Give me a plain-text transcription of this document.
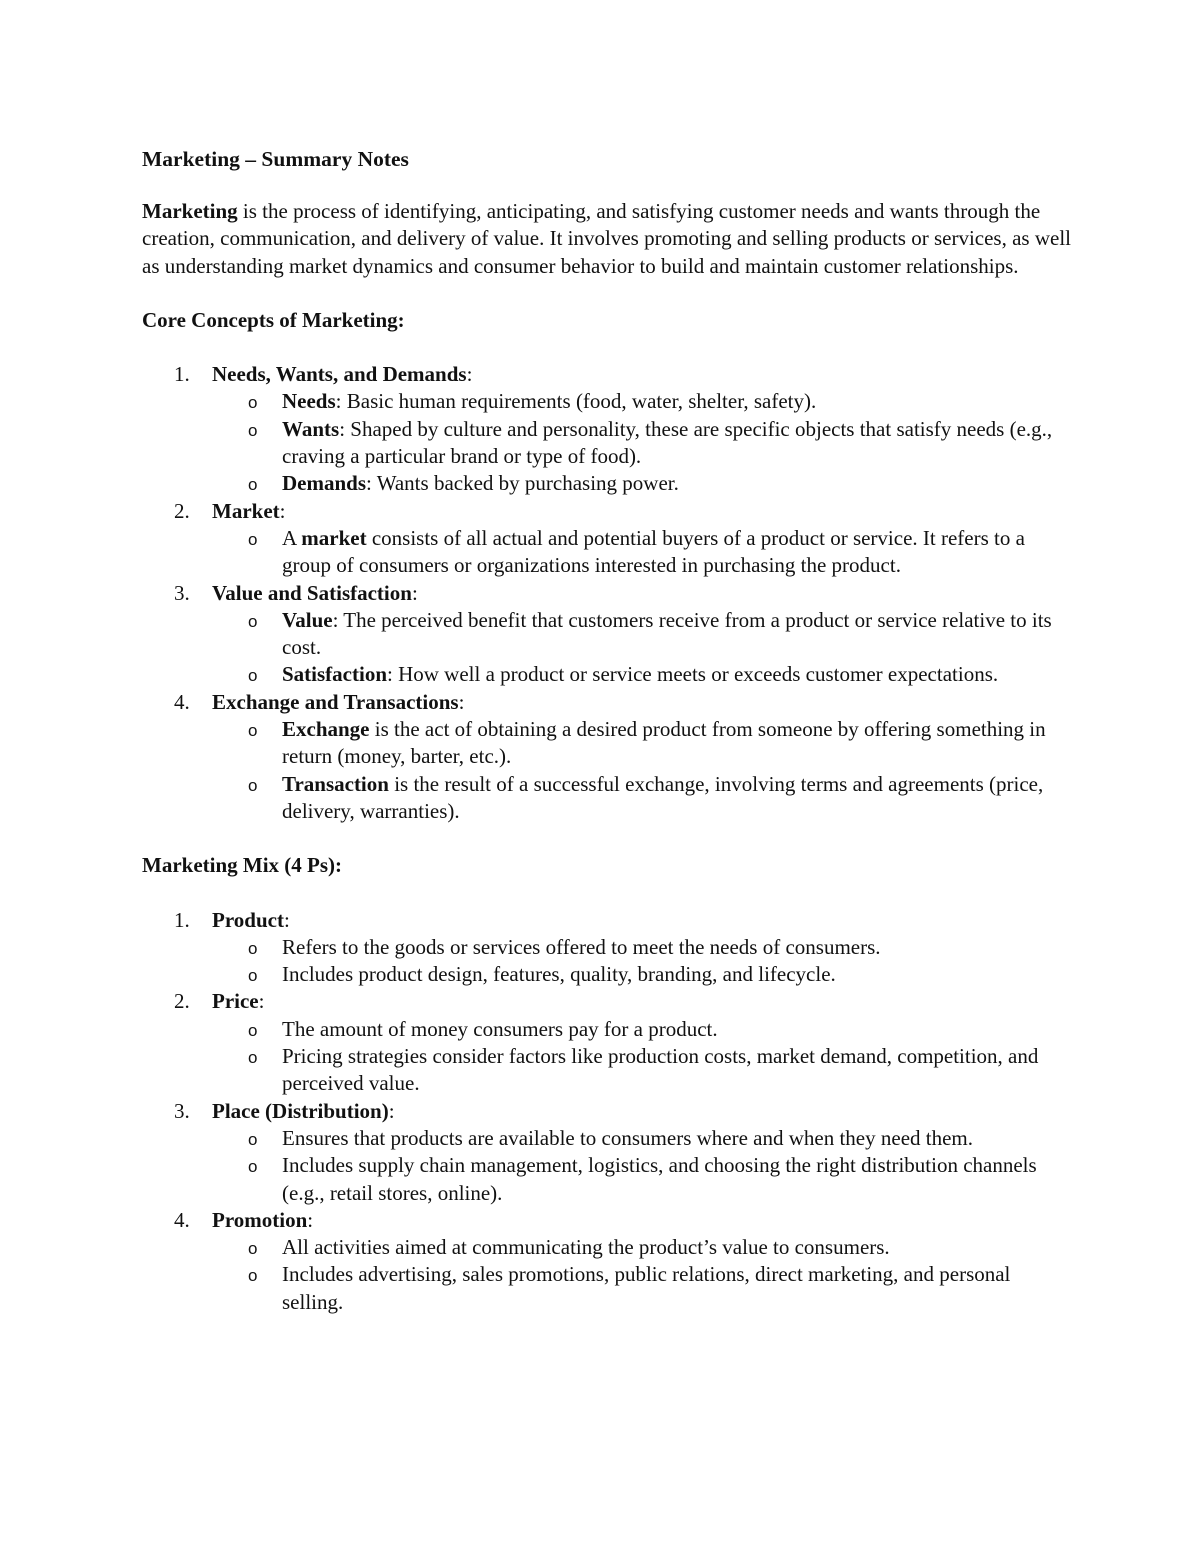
Marketing – Summary Notes

Marketing is the process of identifying, anticipating, and satisfying customer needs and wants through the creation, communication, and delivery of value. It involves promoting and selling products or services, as well as understanding market dynamics and consumer behavior to build and maintain customer relationships.

Core Concepts of Marketing:

1. Needs, Wants, and Demands:
o Needs: Basic human requirements (food, water, shelter, safety).
o Wants: Shaped by culture and personality, these are specific objects that satisfy needs (e.g., craving a particular brand or type of food).
o Demands: Wants backed by purchasing power.
2. Market:
o A market consists of all actual and potential buyers of a product or service. It refers to a group of consumers or organizations interested in purchasing the product.
3. Value and Satisfaction:
o Value: The perceived benefit that customers receive from a product or service relative to its cost.
o Satisfaction: How well a product or service meets or exceeds customer expectations.
4. Exchange and Transactions:
o Exchange is the act of obtaining a desired product from someone by offering something in return (money, barter, etc.).
o Transaction is the result of a successful exchange, involving terms and agreements (price, delivery, warranties).

Marketing Mix (4 Ps):

1. Product:
o Refers to the goods or services offered to meet the needs of consumers.
o Includes product design, features, quality, branding, and lifecycle.
2. Price:
o The amount of money consumers pay for a product.
o Pricing strategies consider factors like production costs, market demand, competition, and perceived value.
3. Place (Distribution):
o Ensures that products are available to consumers where and when they need them.
o Includes supply chain management, logistics, and choosing the right distribution channels (e.g., retail stores, online).
4. Promotion:
o All activities aimed at communicating the product’s value to consumers.
o Includes advertising, sales promotions, public relations, direct marketing, and personal selling.
